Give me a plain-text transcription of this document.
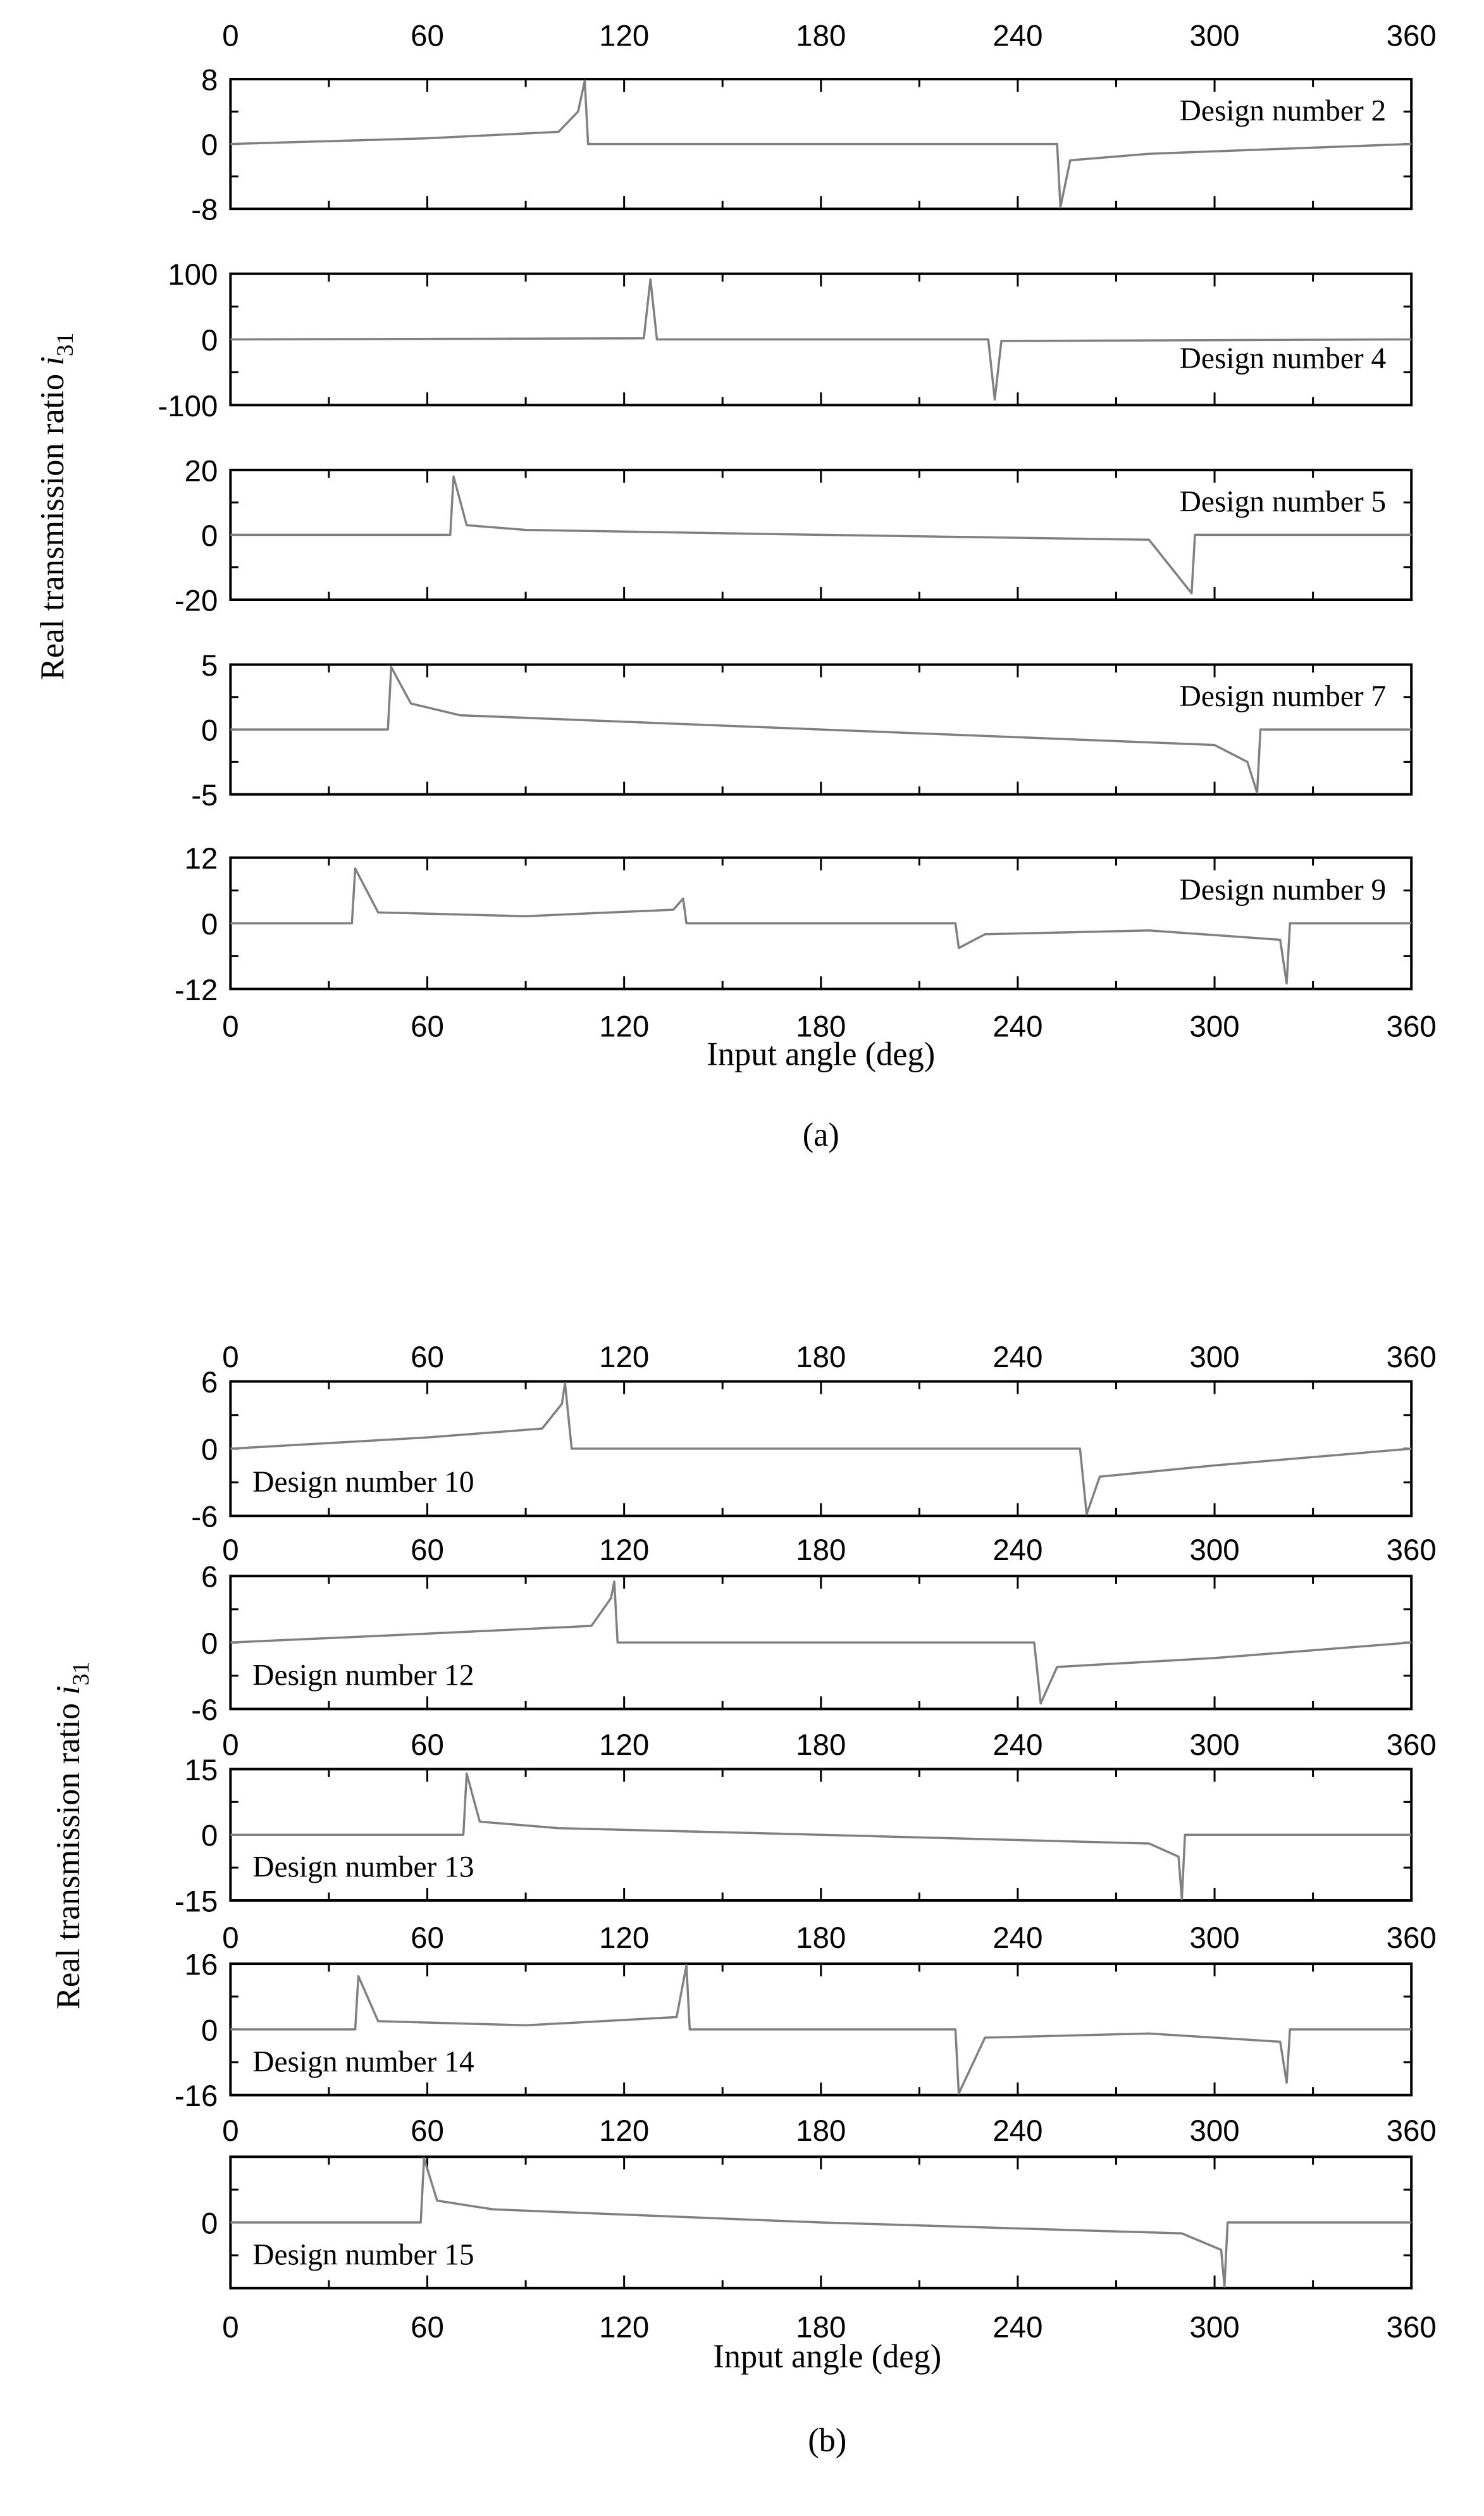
Real transmission ratio $i_{31}$
Real transmission ratio $i_{31}$
Input angle (deg)
(a)
Input angle (deg)
(b)
8
0
-8
0	60	120	180	240	300	360
Design number 2
100
0
-100
Design number 4
20
0
-20
Design number 5
5
0
-5
Design number 7
12
0
-12
0	60	120	180	240	300	360
Design number 9
6
0
-6
0	60	120	180	240	300	360
Design number 10
6
0
-6
0	60	120	180	240	300	360
Design number 12
15
0
-15
0	60	120	180	240	300	360
Design number 13
16
0
-16
0	60	120	180	240	300	360
Design number 14
0
0	60	120	180	240	300	360
0	60	120	180	240	300	360
Design number 15
